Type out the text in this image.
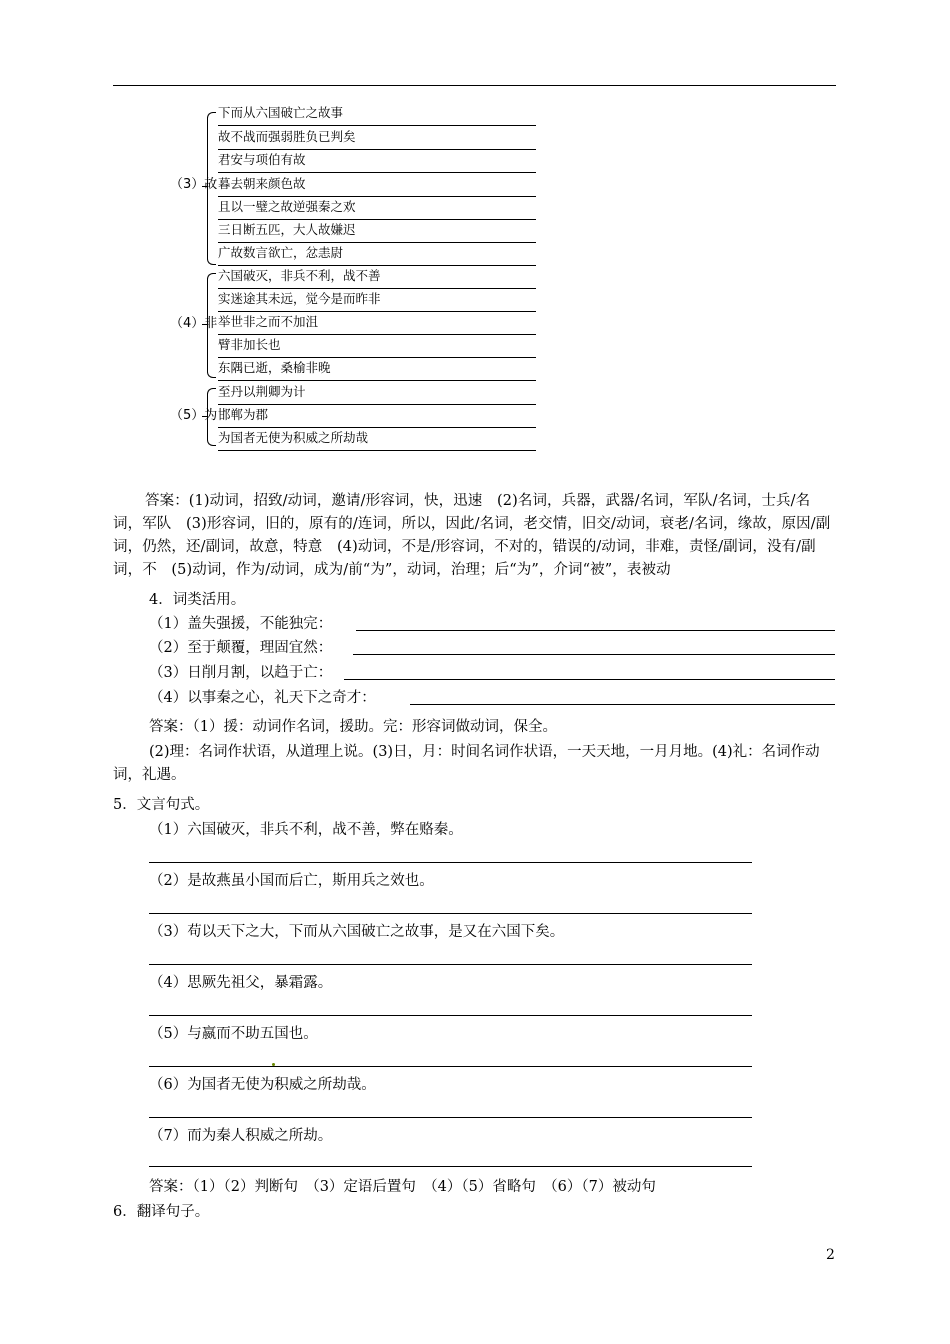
（3）故
下而从六国破亡之故事
故不战而强弱胜负已判矣
君安与项伯有故
暮去朝来颜色故
且以一璧之故逆强秦之欢
三日断五匹，大人故嫌迟
广故数言欲亡，忿恚尉
（4）非
六国破灭，非兵不利，战不善
实迷途其未远，觉今是而昨非
举世非之而不加沮
臂非加长也
东隅已逝，桑榆非晚
（5）为
至丹以荆卿为计
邯郸为郡
为国者无使为积威之所劫哉
答案：(1)动词，招致/动词，邀请/形容词，快，迅速　(2)名词，兵器，武器/名词，军队/名词，士兵/名词，军队　(3)形容词，旧的，原有的/连词，所以，因此/名词，老交情，旧交/动词，衰老/名词，缘故，原因/副词，仍然，还/副词，故意，特意　(4)动词，不是/形容词，不对的，错误的/动词，非难，责怪/副词，没有/副词，不　(5)动词，作为/动词，成为/前“为”，动词，治理；后“为”，介词“被”，表被动
4．词类活用。
（1）盖失强援，不能独完：
（2）至于颠覆，理固宜然：
（3）日削月割，以趋于亡：
（4）以事秦之心，礼天下之奇才：
答案：（1）援：动词作名词，援助。完：形容词做动词，保全。
(2)理：名词作状语，从道理上说。(3)日，月：时间名词作状语，一天天地，一月月地。(4)礼：名词作动词，礼遇。
5．文言句式。
（1）六国破灭，非兵不利，战不善，弊在赂秦。
（2）是故燕虽小国而后亡，斯用兵之效也。
（3）苟以天下之大，下而从六国破亡之故事，是又在六国下矣。
（4）思厥先祖父，暴霜露。
（5）与嬴而不助五国也。
（6）为国者无使为积威之所劫哉。
（7）而为秦人积威之所劫。
答案：（1）（2）判断句　（3）定语后置句　（4）（5）省略句　（6）（7）被动句
6．翻译句子。
2
